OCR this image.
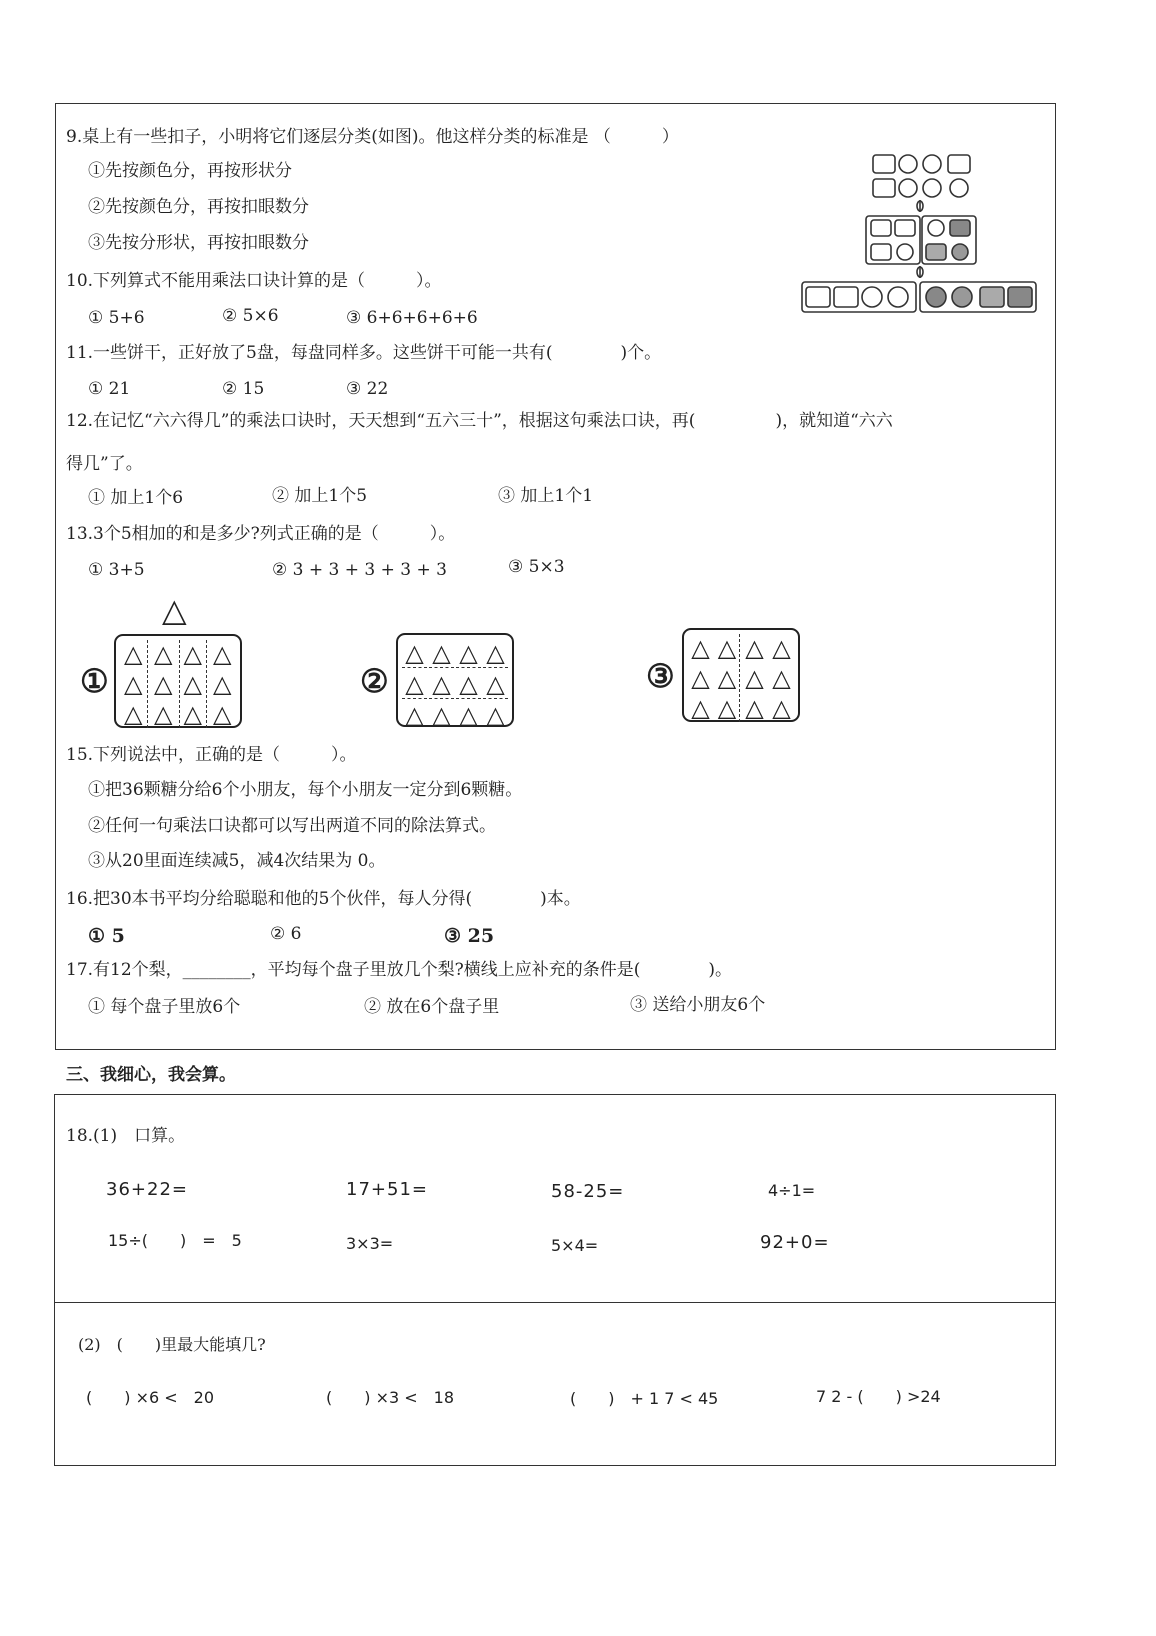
9.桌上有一些扣子，小明将它们逐层分类(如图)。他这样分类的标准是 （　　　）
①先按颜色分，再按形状分
②先按颜色分，再按扣眼数分
③先按分形状，再按扣眼数分
10.下列算式不能用乘法口诀计算的是（　　　）。
① 5+6	② 5×6	③ 6+6+6+6+6
11.一些饼干，正好放了5盘，每盘同样多。这些饼干可能一共有(　　　　)个。
① 21	② 15	③ 22
12.在记忆“六六得几”的乘法口诀时，天天想到“五六三十”，根据这句乘法口诀，再(	)，就知道“六六
得几”了。
① 加上1个6	② 加上1个5	③ 加上1个1
13.3个5相加的和是多少?列式正确的是（　　　）。
① 3+5	② 3 + 3 + 3 + 3 + 3	③ 5×3
△
①
△ △ △ △
△ △ △ △
△ △ △ △
②
△ △ △ △
△ △ △ △
△ △ △ △
③
△ △ △ △
△ △ △ △
△ △ △ △
15.下列说法中，正确的是（　　　）。
①把36颗糖分给6个小朋友，每个小朋友一定分到6颗糖。
②任何一句乘法口诀都可以写出两道不同的除法算式。
③从20里面连续减5，减4次结果为 0。
16.把30本书平均分给聪聪和他的5个伙伴，每人分得(　　　　)本。
① 5	② 6	③ 25
17.有12个梨，________，平均每个盘子里放几个梨?横线上应补充的条件是(　　　　)。
① 每个盘子里放6个	② 放在6个盘子里	③ 送给小朋友6个
三、我细心，我会算。
18.(1)　口算。
36+22=	17+51=	58-25=	4÷1=
15÷(　　)　=　5	3×3=	5×4=	92+0=
(2)　(　　)里最大能填几?
(　　) ×6 <　20	(　　) ×3 <　18	(　　)　+ 1 7 < 45	7 2 - (　　) >24
